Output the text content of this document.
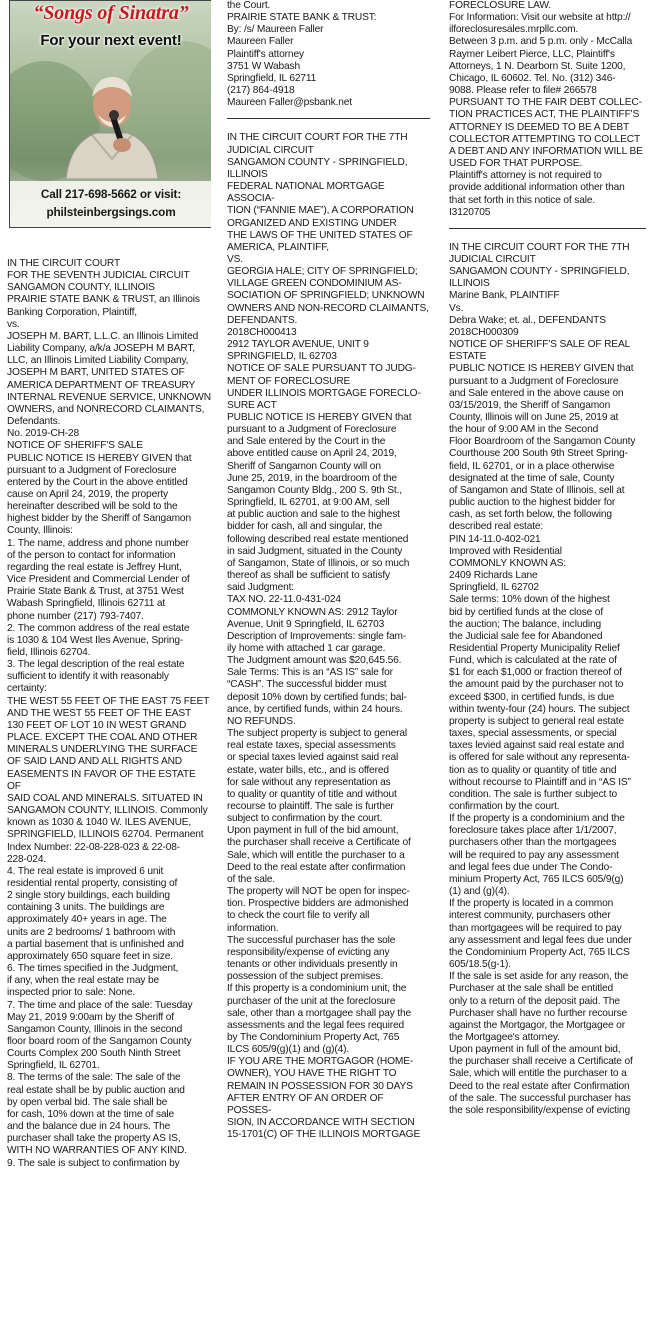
“Songs of Sinatra”
For your next event!
Call 217-698-5662 or visit:
philsteinbergsings.com

IN THE CIRCUIT COURT

FOR THE SEVENTH JUDICIAL CIRCUIT

SANGAMON COUNTY, ILLINOIS

PRAIRIE STATE BANK & TRUST, an Illinois

Banking Corporation, Plaintiff,

vs.

JOSEPH M. BART, L.L.C. an Illinois Limited

Liability Company, a/k/a JOSEPH M BART,

LLC, an Illinois Limited Liability Company,

JOSEPH M BART, UNITED STATES OF

AMERICA DEPARTMENT OF TREASURY

INTERNAL REVENUE SERVICE, UNKNOWN

OWNERS, and NONRECORD CLAIMANTS,

Defendants.

No. 2019-CH-28

NOTICE OF SHERIFF'S SALE

PUBLIC NOTICE IS HEREBY GIVEN that

pursuant to a Judgment of Foreclosure

entered by the Court in the above entitled

cause on April 24, 2019, the property

hereinafter described will be sold to the

highest bidder by the Sheriff of Sangamon

County, Illinois:

1. The name, address and phone number

of the person to contact for information

regarding the real estate is Jeffrey Hunt,

Vice President and Commercial Lender of

Prairie State Bank & Trust, at 3751 West

Wabash Springfield, Illinois 62711 at

phone number (217) 793-7407.

2. The common address of the real estate

is 1030 & 104 West Iles Avenue, Spring-

field, Illinois 62704.

3. The legal description of the real estate

sufficient to identify it with reasonably

certainty:

THE WEST 55 FEET OF THE EAST 75 FEET

AND THE WEST 55 FEET OF THE EAST

130 FEET OF LOT 10 IN WEST GRAND

PLACE. EXCEPT THE COAL AND OTHER

MINERALS UNDERLYING THE SURFACE

OF SAID LAND AND ALL RIGHTS AND

EASEMENTS IN FAVOR OF THE ESTATE OF

SAID COAL AND MINERALS. SITUATED IN

SANGAMON COUNTY, ILLINOIS. Commonly

known as 1030 & 1040 W. ILES AVENUE,

SPRINGFIELD, ILLINOIS 62704. Permanent

Index Number: 22-08-228-023 & 22-08-

228-024.

4. The real estate is improved 6 unit

residential rental property, consisting of

2 single story buildings, each building

containing 3 units. The buildings are

approximately 40+ years in age. The

units are 2 bedrooms/ 1 bathroom with

a partial basement that is unfinished and

approximately 650 square feet in size.

6. The times specified in the Judgment,

if any, when the real estate may be

inspected prior to sale: None.

7. The time and place of the sale: Tuesday

May 21, 2019 9:00am by the Sheriff of

Sangamon County, Illinois in the second

floor board room of the Sangamon County

Courts Complex 200 South Ninth Street

Springfield, IL 62701.

8. The terms of the sale: The sale of the

real estate shall be by public auction and

by open verbal bid. The sale shall be

for cash, 10% down at the time of sale

and the balance due in 24 hours. The

purchaser shall take the property AS IS,

WITH NO WARRANTIES OF ANY KIND.

9. The sale is subject to confirmation by

the Court.

PRAIRIE STATE BANK & TRUST:

By: /s/ Maureen Faller

Maureen Faller

Plaintiff's attorney

3751 W Wabash

Springfield, IL 62711

(217) 864-4918

Maureen Faller@psbank.net

IN THE CIRCUIT COURT FOR THE 7TH

JUDICIAL CIRCUIT

SANGAMON COUNTY - SPRINGFIELD,

ILLINOIS

FEDERAL NATIONAL MORTGAGE ASSOCIA-

TION (“FANNIE MAE”), A CORPORATION

ORGANIZED AND EXISTING UNDER

THE LAWS OF THE UNITED STATES OF

AMERICA, PLAINTIFF,

VS.

GEORGIA HALE; CITY OF SPRINGFIELD;

VILLAGE GREEN CONDOMINIUM AS-

SOCIATION OF SPRINGFIELD; UNKNOWN

OWNERS AND NON-RECORD CLAIMANTS,

DEFENDANTS.

2018CH000413

2912 TAYLOR AVENUE, UNIT 9

SPRINGFIELD, IL 62703

NOTICE OF SALE PURSUANT TO JUDG-

MENT OF FORECLOSURE

UNDER ILLINOIS MORTGAGE FORECLO-

SURE ACT

PUBLIC NOTICE IS HEREBY GIVEN that

pursuant to a Judgment of Foreclosure

and Sale entered by the Court in the

above entitled cause on April 24, 2019,

Sheriff of Sangamon County will on

June 25, 2019, in the boardroom of the

Sangamon County Bldg., 200 S. 9th St.,

Springfield, IL 62701, at 9:00 AM, sell

at public auction and sale to the highest

bidder for cash, all and singular, the

following described real estate mentioned

in said Judgment, situated in the County

of Sangamon, State of Illinois, or so much

thereof as shall be sufficient to satisfy

said Judgment:

TAX NO. 22-11.0-431-024

COMMONLY KNOWN AS: 2912 Taylor

Avenue, Unit 9 Springfield, IL 62703

Description of Improvements: single fam-

ily home with attached 1 car garage.

The Judgment amount was $20,645.56.

Sale Terms: This is an “AS IS” sale for

“CASH”. The successful bidder must

deposit 10% down by certified funds; bal-

ance, by certified funds, within 24 hours.

NO REFUNDS.

The subject property is subject to general

real estate taxes, special assessments

or special taxes levied against said real

estate, water bills, etc., and is offered

for sale without any representation as

to quality or quantity of title and without

recourse to plaintiff. The sale is further

subject to confirmation by the court.

Upon payment in full of the bid amount,

the purchaser shall receive a Certificate of

Sale, which will entitle the purchaser to a

Deed to the real estate after confirmation

of the sale.

The property will NOT be open for inspec-

tion. Prospective bidders are admonished

to check the court file to verify all

information.

The successful purchaser has the sole

responsibility/expense of evicting any

tenants or other individuals presently in

possession of the subject premises.

If this property is a condominium unit, the

purchaser of the unit at the foreclosure

sale, other than a mortgagee shall pay the

assessments and the legal fees required

by The Condominium Property Act, 765

ILCS 605/9(g)(1) and (g)(4).

IF YOU ARE THE MORTGAGOR (HOME-

OWNER), YOU HAVE THE RIGHT TO

REMAIN IN POSSESSION FOR 30 DAYS

AFTER ENTRY OF AN ORDER OF POSSES-

SION, IN ACCORDANCE WITH SECTION

15-1701(C) OF THE ILLINOIS MORTGAGE

FORECLOSURE LAW.

For Information: Visit our website at http://

ilforeclosuresales.mrpllc.com.

Between 3 p.m. and 5 p.m. only - McCalla

Raymer Leibert Pierce, LLC, Plaintiff's

Attorneys, 1 N. Dearborn St. Suite 1200,

Chicago, IL 60602. Tel. No. (312) 346-

9088. Please refer to file# 266578

PURSUANT TO THE FAIR DEBT COLLEC-

TION PRACTICES ACT, THE PLAINTIFF'S

ATTORNEY IS DEEMED TO BE A DEBT

COLLECTOR ATTEMPTING TO COLLECT

A DEBT AND ANY INFORMATION WILL BE

USED FOR THAT PURPOSE.

Plaintiff's attorney is not required to

provide additional information other than

that set forth in this notice of sale.

I3120705

IN THE CIRCUIT COURT FOR THE 7TH

JUDICIAL CIRCUIT

SANGAMON COUNTY - SPRINGFIELD,

ILLINOIS

Marine Bank, PLAINTIFF

Vs.

Debra Wake; et. al., DEFENDANTS

2018CH000309

NOTICE OF SHERIFF'S SALE OF REAL

ESTATE

PUBLIC NOTICE IS HEREBY GIVEN that

pursuant to a Judgment of Foreclosure

and Sale entered in the above cause on

03/15/2019, the Sheriff of Sangamon

County, Illinois will on June 25, 2019 at

the hour of 9:00 AM in the Second

Floor Boardroom of the Sangamon County

Courthouse 200 South 9th Street Spring-

field, IL 62701, or in a place otherwise

designated at the time of sale, County

of Sangamon and State of Illinois, sell at

public auction to the highest bidder for

cash, as set forth below, the following

described real estate:

PIN 14-11.0-402-021

Improved with Residential

COMMONLY KNOWN AS:

2409 Richards Lane

Springfield, IL 62702

Sale terms: 10% down of the highest

bid by certified funds at the close of

the auction; The balance, including

the Judicial sale fee for Abandoned

Residential Property Municipality Relief

Fund, which is calculated at the rate of

$1 for each $1,000 or fraction thereof of

the amount paid by the purchaser not to

exceed $300, in certified funds, is due

within twenty-four (24) hours. The subject

property is subject to general real estate

taxes, special assessments, or special

taxes levied against said real estate and

is offered for sale without any representa-

tion as to quality or quantity of title and

without recourse to Plaintiff and in “AS IS”

condition. The sale is further subject to

confirmation by the court.

If the property is a condominium and the

foreclosure takes place after 1/1/2007,

purchasers other than the mortgagees

will be required to pay any assessment

and legal fees due under The Condo-

minium Property Act, 765 ILCS 605/9(g)

(1) and (g)(4).

If the property is located in a common

interest community, purchasers other

than mortgagees will be required to pay

any assessment and legal fees due under

the Condominium Property Act, 765 ILCS

605/18.5(g-1).

If the sale is set aside for any reason, the

Purchaser at the sale shall be entitled

only to a return of the deposit paid. The

Purchaser shall have no further recourse

against the Mortgagor, the Mortgagee or

the Mortgagee's attorney.

Upon payment in full of the amount bid,

the purchaser shall receive a Certificate of

Sale, which will entitle the purchaser to a

Deed to the real estate after Confirmation

of the sale. The successful purchaser has

the sole responsibility/expense of evicting
